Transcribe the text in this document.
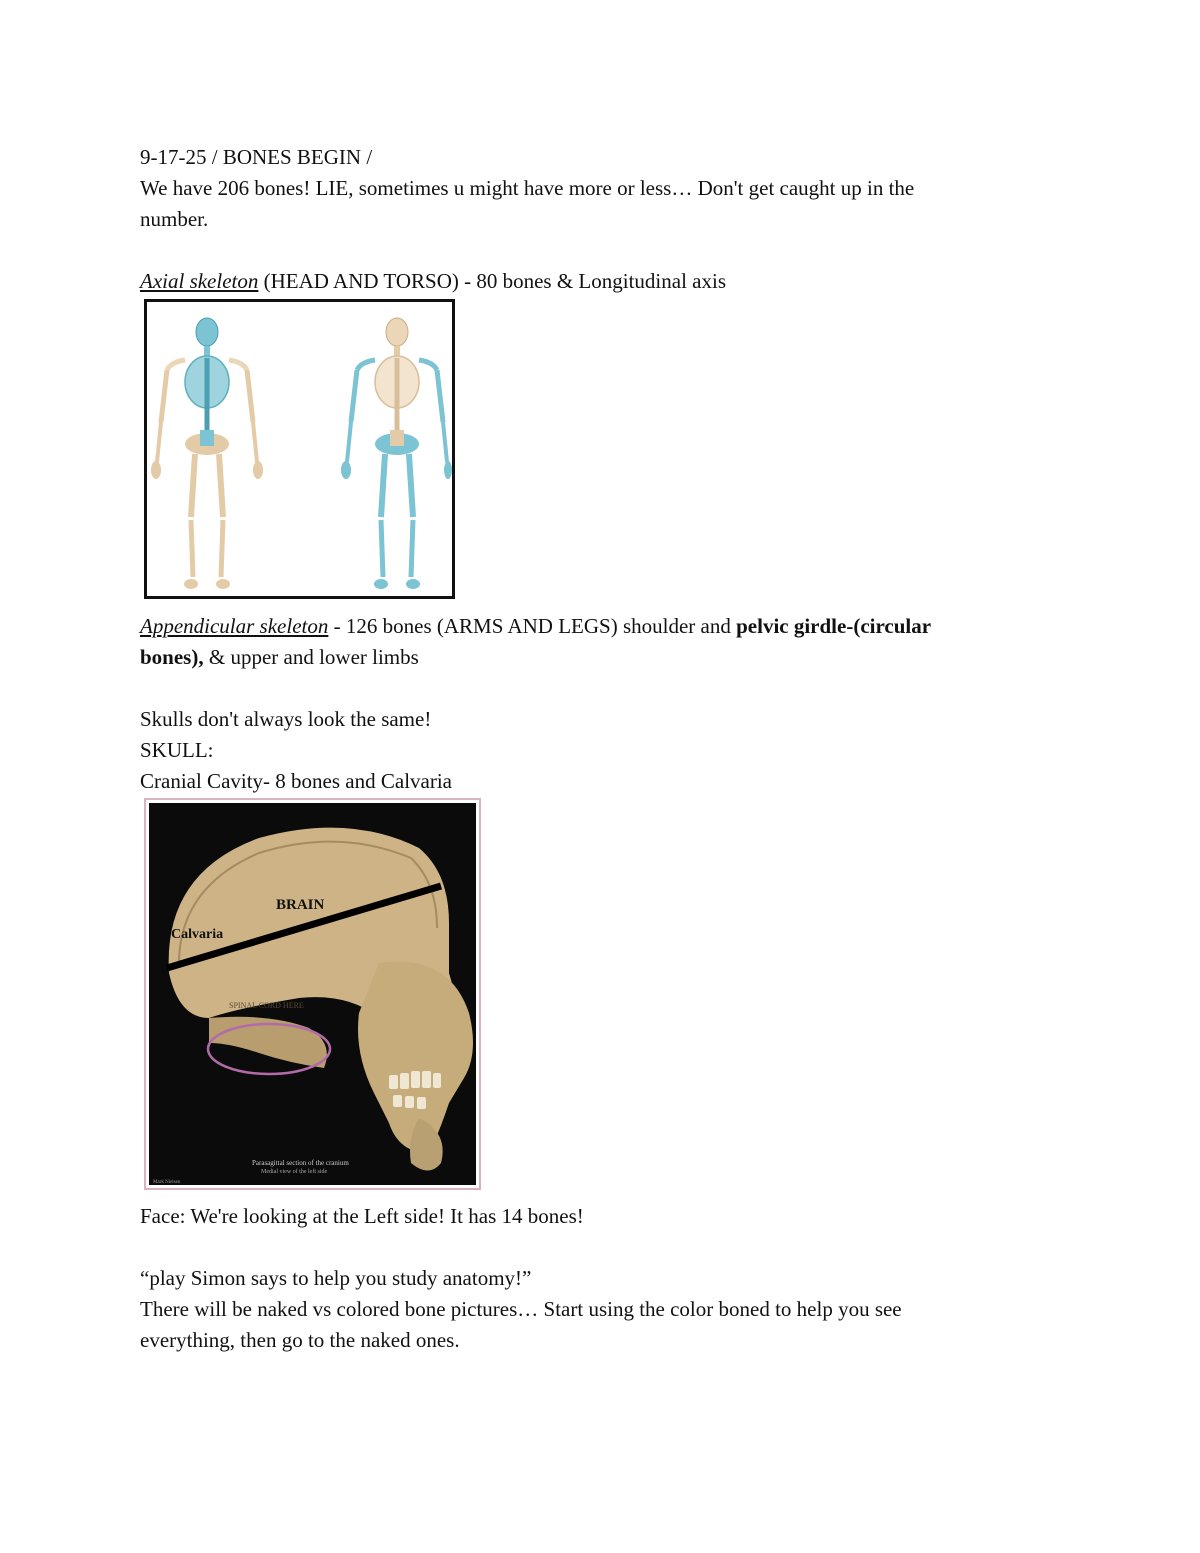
9-17-25 / BONES BEGIN /
We have 206 bones! LIE, sometimes u might have more or less… Don't get caught up in the
number.
Axial skeleton (HEAD AND TORSO) - 80 bones & Longitudinal axis
Appendicular skeleton - 126 bones (ARMS AND LEGS) shoulder and pelvic girdle-(circular
bones), & upper and lower limbs
Skulls don't always look the same!
SKULL:
Cranial Cavity- 8 bones and Calvaria
Face: We're looking at the Left side! It has 14 bones!
“play Simon says to help you study anatomy!”
There will be naked vs colored bone pictures… Start using the color boned to help you see
everything, then go to the naked ones.
BRAIN
Calvaria
SPINAL CORD HERE
Parasagittal section of the cranium
Medial view of the left side
Mark Nielsen
